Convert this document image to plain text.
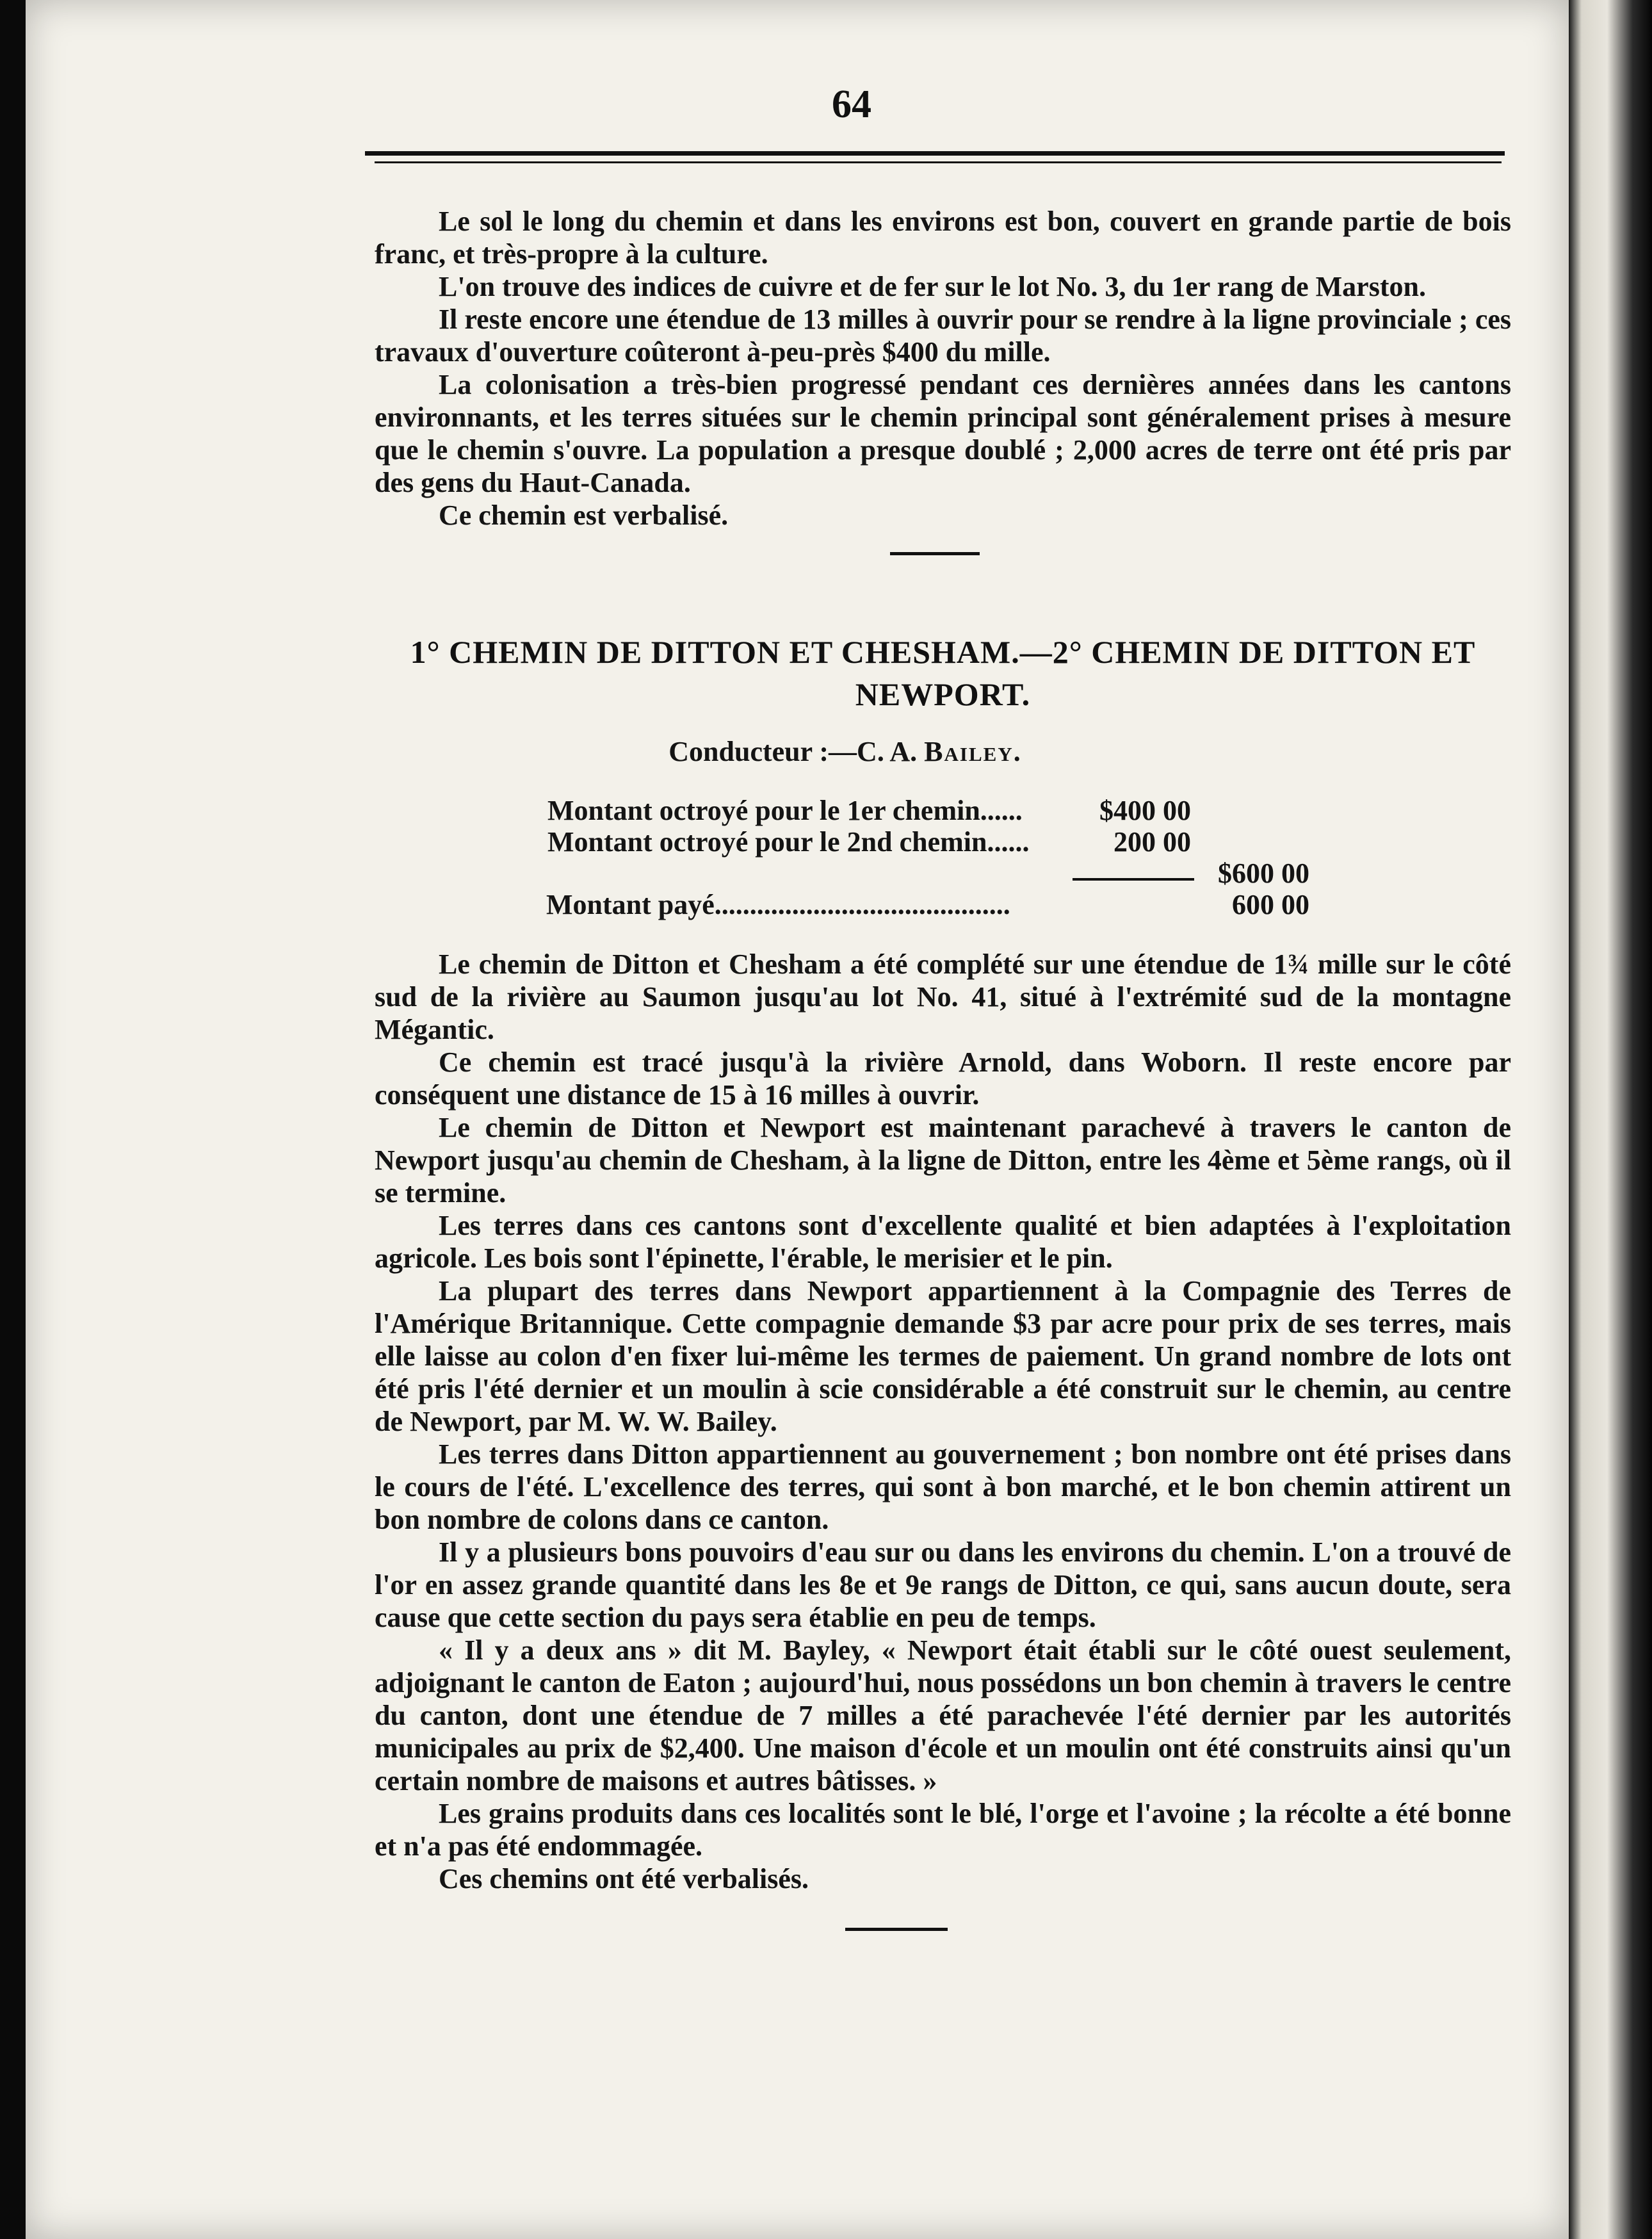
64

Le sol le long du chemin et dans les environs est bon, couvert en grande partie de bois franc, et très-propre à la culture.

L'on trouve des indices de cuivre et de fer sur le lot No. 3, du 1er rang de Marston.

Il reste encore une étendue de 13 milles à ouvrir pour se rendre à la ligne provinciale ; ces travaux d'ouverture coûteront à-peu-près $400 du mille.

La colonisation a très-bien progressé pendant ces dernières années dans les cantons environnants, et les terres situées sur le chemin principal sont généralement prises à mesure que le chemin s'ouvre. La population a presque doublé ; 2,000 acres de terre ont été pris par des gens du Haut-Canada.

Ce chemin est verbalisé.

1° CHEMIN DE DITTON ET CHESHAM.—2° CHEMIN DE DITTON ET NEWPORT.
Conducteur :—C. A. Bailey.
Montant octroyé pour le 1er chemin......	$400 00
Montant octroyé pour le 2nd chemin......	200 00
$600 00
Montant payé..........................................	600 00

Le chemin de Ditton et Chesham a été complété sur une étendue de 1¾ mille sur le côté sud de la rivière au Saumon jusqu'au lot No. 41, situé à l'extrémité sud de la montagne Mégantic.

Ce chemin est tracé jusqu'à la rivière Arnold, dans Woborn. Il reste encore par conséquent une distance de 15 à 16 milles à ouvrir.

Le chemin de Ditton et Newport est maintenant parachevé à travers le canton de Newport jusqu'au chemin de Chesham, à la ligne de Ditton, entre les 4ème et 5ème rangs, où il se termine.

Les terres dans ces cantons sont d'excellente qualité et bien adaptées à l'exploitation agricole. Les bois sont l'épinette, l'érable, le merisier et le pin.

La plupart des terres dans Newport appartiennent à la Compagnie des Terres de l'Amérique Britannique. Cette compagnie demande $3 par acre pour prix de ses terres, mais elle laisse au colon d'en fixer lui-même les termes de paiement. Un grand nombre de lots ont été pris l'été dernier et un moulin à scie considérable a été construit sur le chemin, au centre de Newport, par M. W. W. Bailey.

Les terres dans Ditton appartiennent au gouvernement ; bon nombre ont été prises dans le cours de l'été. L'excellence des terres, qui sont à bon marché, et le bon chemin attirent un bon nombre de colons dans ce canton.

Il y a plusieurs bons pouvoirs d'eau sur ou dans les environs du chemin. L'on a trouvé de l'or en assez grande quantité dans les 8e et 9e rangs de Ditton, ce qui, sans aucun doute, sera cause que cette section du pays sera établie en peu de temps.

« Il y a deux ans » dit M. Bayley, « Newport était établi sur le côté ouest seulement, adjoignant le canton de Eaton ; aujourd'hui, nous possédons un bon chemin à travers le centre du canton, dont une étendue de 7 milles a été parachevée l'été dernier par les autorités municipales au prix de $2,400. Une maison d'école et un moulin ont été construits ainsi qu'un certain nombre de maisons et autres bâtisses. »

Les grains produits dans ces localités sont le blé, l'orge et l'avoine ; la récolte a été bonne et n'a pas été endommagée.

Ces chemins ont été verbalisés.
